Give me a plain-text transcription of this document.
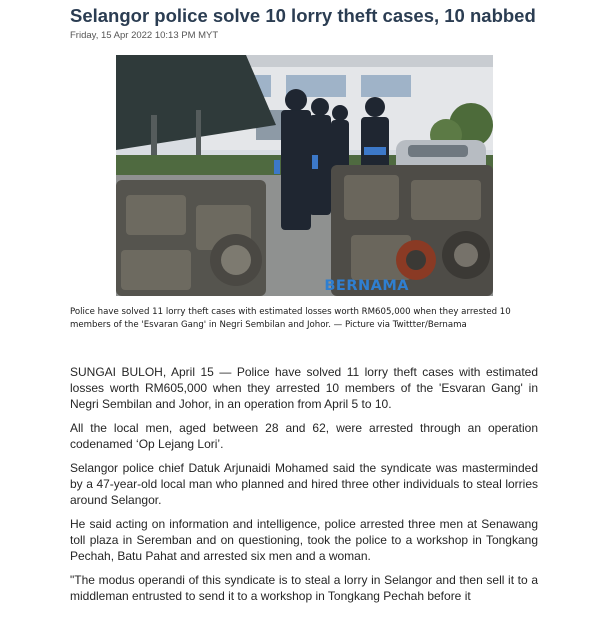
Selangor police solve 10 lorry theft cases, 10 nabbed
Friday, 15 Apr 2022 10:13 PM MYT
BERNAMA
Police have solved 11 lorry theft cases with estimated losses worth RM605,000 when they arrested 10
members of the 'Esvaran Gang' in Negri Sembilan and Johor. — Picture via Twittter/Bernama

SUNGAI BULOH, April 15 — Police have solved 11 lorry theft cases with estimated losses worth RM605,000 when they arrested 10 members of the 'Esvaran Gang' in Negri Sembilan and Johor, in an operation from April 5 to 10.

All the local men, aged between 28 and 62, were arrested through an operation codenamed ‘Op Lejang Lori’.

Selangor police chief Datuk Arjunaidi Mohamed said the syndicate was masterminded by a 47-year-old local man who planned and hired three other individuals to steal lorries around Selangor.

He said acting on information and intelligence, police arrested three men at Senawang toll plaza in Seremban and on questioning, took the police to a workshop in Tongkang Pechah, Batu Pahat and arrested six men and a woman.

"The modus operandi of this syndicate is to steal a lorry in Selangor and then sell it to a middleman entrusted to send it to a workshop in Tongkang Pechah before it
